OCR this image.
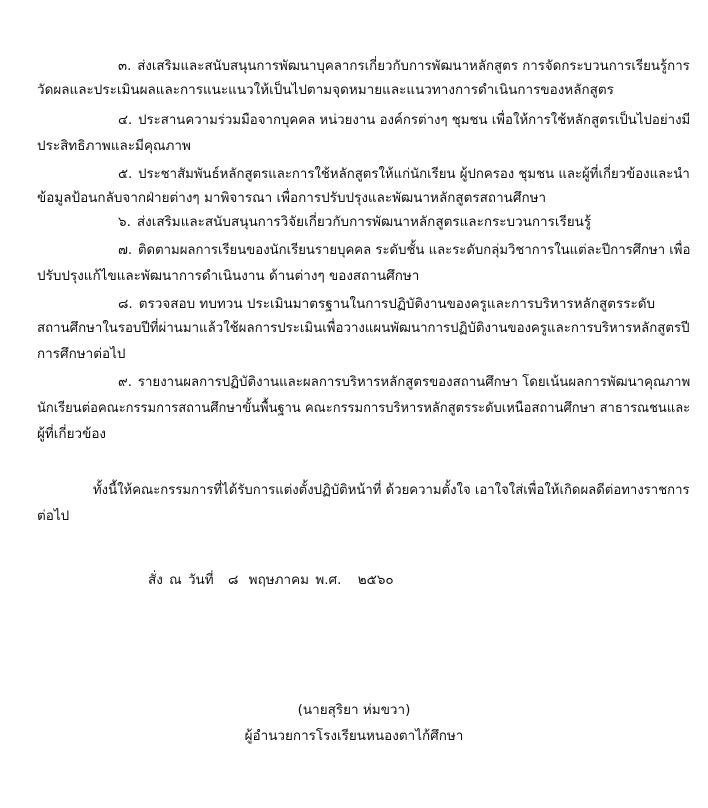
๓. ส่งเสริมและสนับสนุนการพัฒนาบุคลากรเกี่ยวกับการพัฒนาหลักสูตร การจัดกระบวนการเรียนรู้การ
วัดผลและประเมินผลและการแนะแนวให้เป็นไปตามจุดหมายและแนวทางการดำเนินการของหลักสูตร
๔. ประสานความร่วมมือจากบุคคล หน่วยงาน องค์กรต่างๆ ชุมชน เพื่อให้การใช้หลักสูตรเป็นไปอย่างมี
ประสิทธิภาพและมีคุณภาพ
๕. ประชาสัมพันธ์หลักสูตรและการใช้หลักสูตรให้แก่นักเรียน ผู้ปกครอง ชุมชน และผู้ที่เกี่ยวข้องและนำ
ข้อมูลป้อนกลับจากฝ่ายต่างๆ มาพิจารณา เพื่อการปรับปรุงและพัฒนาหลักสูตรสถานศึกษา
๖. ส่งเสริมและสนับสนุนการวิจัยเกี่ยวกับการพัฒนาหลักสูตรและกระบวนการเรียนรู้
๗. ติดตามผลการเรียนของนักเรียนรายบุคคล ระดับชั้น และระดับกลุ่มวิชาการในแต่ละปีการศึกษา เพื่อ
ปรับปรุงแก้ไขและพัฒนาการดำเนินงาน ด้านต่างๆ ของสถานศึกษา
๘. ตรวจสอบ ทบทวน ประเมินมาตรฐานในการปฏิบัติงานของครูและการบริหารหลักสูตรระดับ
สถานศึกษาในรอบปีที่ผ่านมาแล้วใช้ผลการประเมินเพื่อวางแผนพัฒนาการปฏิบัติงานของครูและการบริหารหลักสูตรปี
การศึกษาต่อไป
๙. รายงานผลการปฏิบัติงานและผลการบริหารหลักสูตรของสถานศึกษา โดยเน้นผลการพัฒนาคุณภาพ
นักเรียนต่อคณะกรรมการสถานศึกษาขั้นพื้นฐาน คณะกรรมการบริหารหลักสูตรระดับเหนือสถานศึกษา สาธารณชนและ
ผู้ที่เกี่ยวข้อง
ทั้งนี้ให้คณะกรรมการที่ได้รับการแต่งตั้งปฏิบัติหน้าที่ ด้วยความตั้งใจ เอาใจใส่เพื่อให้เกิดผลดีต่อทางราชการ
ต่อไป
สั่ง ณ วันที่ ๘ พฤษภาคม พ.ศ. ๒๕๖๐
(นายสุริยา ห่มขวา)
ผู้อำนวยการโรงเรียนหนองตาไก้ศึกษา
